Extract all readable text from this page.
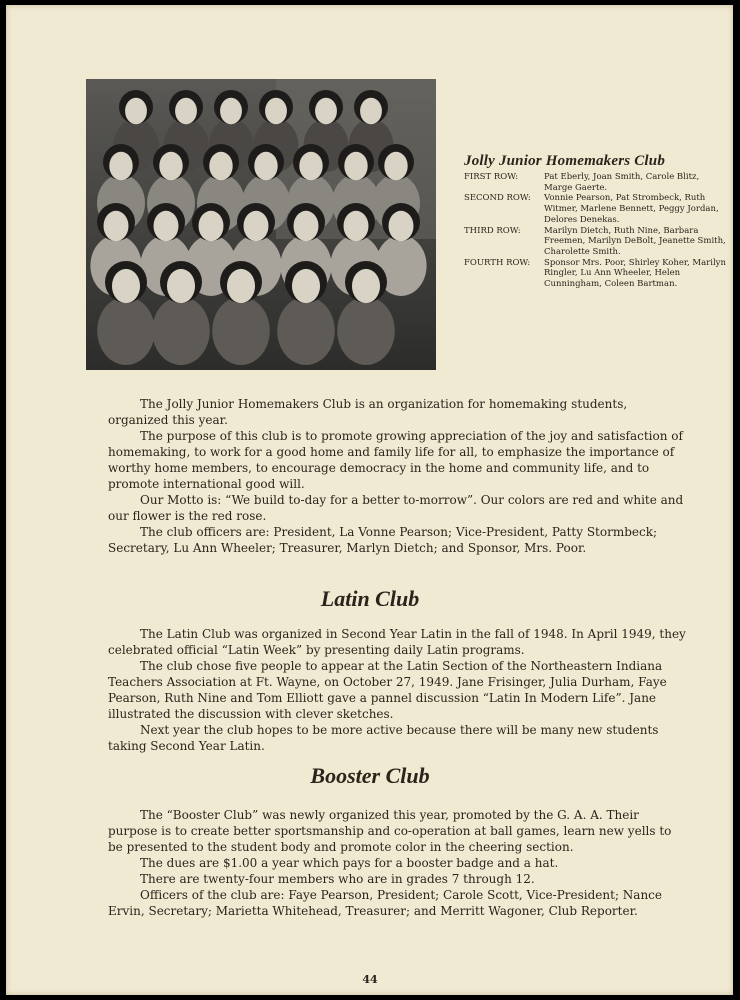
Jolly Junior Homemakers Club
FIRST ROW:	Pat Eberly, Joan Smith, Carole Blitz, Marge Gaerte.
SECOND ROW:	Vonnie Pearson, Pat Strombeck, Ruth Witmer, Marlene Bennett, Peggy Jordan, Delores Denekas.
THIRD ROW:	Marilyn Dietch, Ruth Nine, Barbara Freemen, Marilyn DeBolt, Jeanette Smith, Charolette Smith.
FOURTH ROW:	Sponsor Mrs. Poor, Shirley Koher, Marilyn Ringler, Lu Ann Wheeler, Helen Cunningham, Coleen Bartman.

The Jolly Junior Homemakers Club is an organization for homemaking students, organized this year.

The purpose of this club is to promote growing appreciation of the joy and satisfaction of homemaking, to work for a good home and family life for all, to emphasize the importance of worthy home members, to encourage democracy in the home and community life, and to promote international good will.

Our Motto is: “We build to-day for a better to-morrow”. Our colors are red and white and our flower is the red rose.

The club officers are: President, La Vonne Pearson; Vice-President, Patty Stormbeck; Secretary, Lu Ann Wheeler; Treasurer, Marlyn Dietch; and Sponsor, Mrs. Poor.

Latin Club

The Latin Club was organized in Second Year Latin in the fall of 1948. In April 1949, they celebrated official “Latin Week” by presenting daily Latin programs.

The club chose five people to appear at the Latin Section of the Northeastern Indiana Teachers Association at Ft. Wayne, on October 27, 1949. Jane Frisinger, Julia Durham, Faye Pearson, Ruth Nine and Tom Elliott gave a pannel discussion “Latin In Modern Life”. Jane illustrated the discussion with clever sketches.

Next year the club hopes to be more active because there will be many new students taking Second Year Latin.

Booster Club

The “Booster Club” was newly organized this year, promoted by the G. A. A. Their purpose is to create better sportsmanship and co-operation at ball games, learn new yells to be presented to the student body and promote color in the cheering section.

The dues are $1.00 a year which pays for a booster badge and a hat.

There are twenty-four members who are in grades 7 through 12.

Officers of the club are: Faye Pearson, President; Carole Scott, Vice-President; Nance Ervin, Secretary; Marietta Whitehead, Treasurer; and Merritt Wagoner, Club Reporter.

44
